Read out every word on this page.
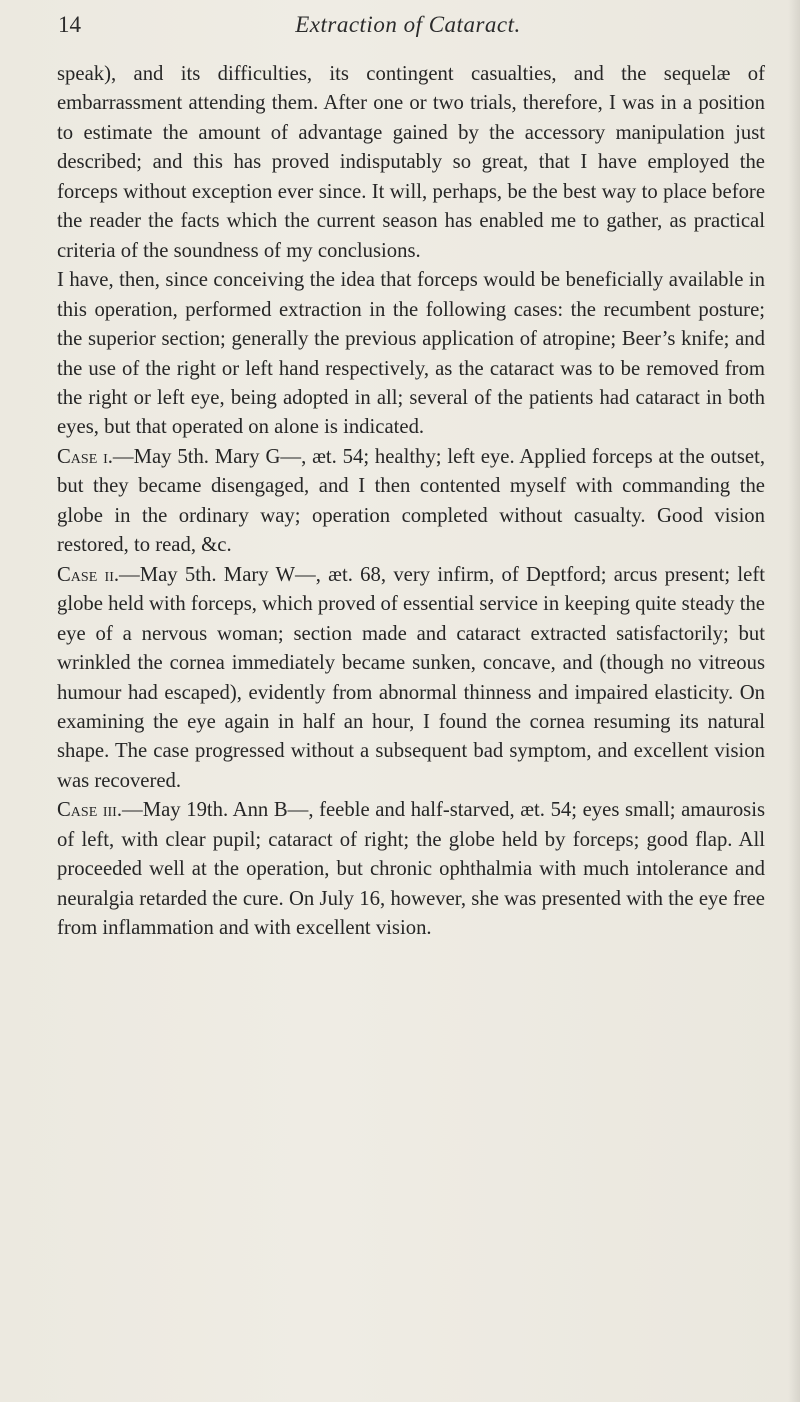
14	Extraction of Cataract.

speak), and its difficulties, its contingent casualties, and the sequelæ of embarrassment attending them. After one or two trials, therefore, I was in a position to estimate the amount of advantage gained by the accessory manipulation just described; and this has proved indisputably so great, that I have employed the forceps without exception ever since. It will, perhaps, be the best way to place before the reader the facts which the current season has enabled me to gather, as practical criteria of the soundness of my conclusions.

I have, then, since conceiving the idea that forceps would be beneficially available in this operation, performed extraction in the following cases: the recumbent posture; the superior section; generally the previous application of atropine; Beer’s knife; and the use of the right or left hand respectively, as the cataract was to be removed from the right or left eye, being adopted in all; several of the patients had cataract in both eyes, but that operated on alone is indicated.

Case i.—May 5th. Mary G—, æt. 54; healthy; left eye. Applied forceps at the outset, but they became disengaged, and I then contented myself with commanding the globe in the ordinary way; operation completed without casualty. Good vision restored, to read, &c.

Case ii.—May 5th. Mary W—, æt. 68, very infirm, of Deptford; arcus present; left globe held with forceps, which proved of essential service in keeping quite steady the eye of a nervous woman; section made and cataract extracted satisfactorily; but wrinkled the cornea immediately became sunken, concave, and (though no vitreous humour had escaped), evidently from abnormal thinness and impaired elasticity. On examining the eye again in half an hour, I found the cornea resuming its natural shape. The case progressed without a subsequent bad symptom, and excellent vision was recovered.

Case iii.—May 19th. Ann B—, feeble and half-starved, æt. 54; eyes small; amaurosis of left, with clear pupil; cataract of right; the globe held by forceps; good flap. All proceeded well at the operation, but chronic ophthalmia with much intolerance and neuralgia retarded the cure. On July 16, however, she was presented with the eye free from inflammation and with excellent vision.
